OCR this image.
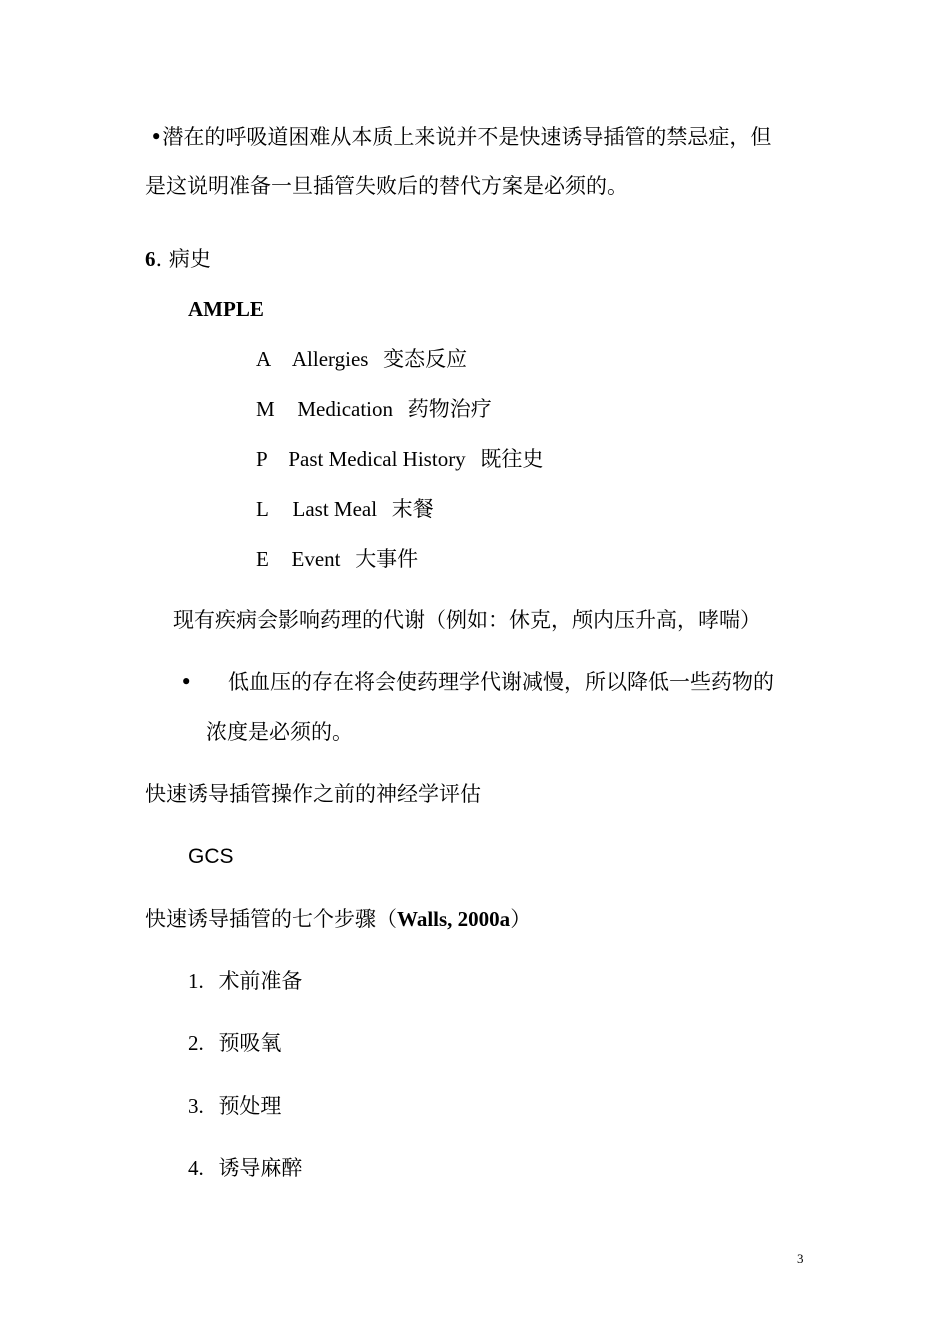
•潜在的呼吸道困难从本质上来说并不是快速诱导插管的禁忌症，但
是这说明准备一旦插管失败后的替代方案是必须的。
6. 病史
AMPLE
A Allergies 变态反应
M Medication 药物治疗
P Past Medical History 既往史
L Last Meal 末餐
E Event 大事件
现有疾病会影响药理的代谢（例如：休克，颅内压升高，哮喘）
• 低血压的存在将会使药理学代谢减慢，所以降低一些药物的
浓度是必须的。
快速诱导插管操作之前的神经学评估
GCS
快速诱导插管的七个步骤（Walls, 2000a）
1. 术前准备
2. 预吸氧
3. 预处理
4. 诱导麻醉
3
